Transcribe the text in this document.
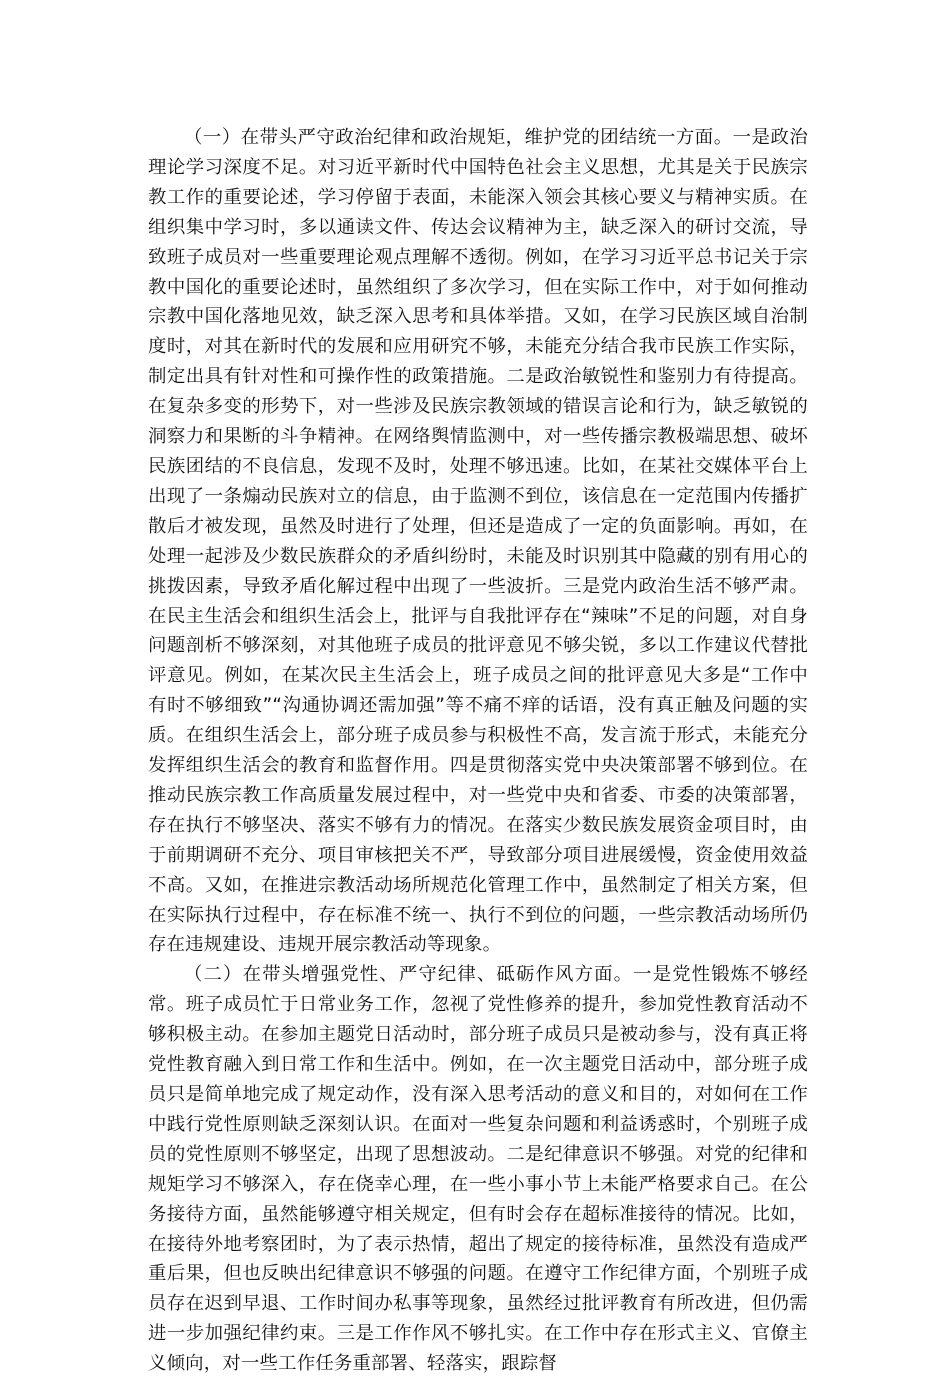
（一）在带头严守政治纪律和政治规矩，维护党的团结统一方面。一是政治理论学习深度不足。对习近平新时代中国特色社会主义思想，尤其是关于民族宗教工作的重要论述，学习停留于表面，未能深入领会其核心要义与精神实质。在组织集中学习时，多以通读文件、传达会议精神为主，缺乏深入的研讨交流，导致班子成员对一些重要理论观点理解不透彻。例如，在学习习近平总书记关于宗教中国化的重要论述时，虽然组织了多次学习，但在实际工作中，对于如何推动宗教中国化落地见效，缺乏深入思考和具体举措。又如，在学习民族区域自治制度时，对其在新时代的发展和应用研究不够，未能充分结合我市民族工作实际，制定出具有针对性和可操作性的政策措施。二是政治敏锐性和鉴别力有待提高。在复杂多变的形势下，对一些涉及民族宗教领域的错误言论和行为，缺乏敏锐的洞察力和果断的斗争精神。在网络舆情监测中，对一些传播宗教极端思想、破坏民族团结的不良信息，发现不及时，处理不够迅速。比如，在某社交媒体平台上出现了一条煽动民族对立的信息，由于监测不到位，该信息在一定范围内传播扩散后才被发现，虽然及时进行了处理，但还是造成了一定的负面影响。再如，在处理一起涉及少数民族群众的矛盾纠纷时，未能及时识别其中隐藏的别有用心的挑拨因素，导致矛盾化解过程中出现了一些波折。三是党内政治生活不够严肃。在民主生活会和组织生活会上，批评与自我批评存在“辣味”不足的问题，对自身问题剖析不够深刻，对其他班子成员的批评意见不够尖锐，多以工作建议代替批评意见。例如，在某次民主生活会上，班子成员之间的批评意见大多是“工作中有时不够细致”“沟通协调还需加强”等不痛不痒的话语，没有真正触及问题的实质。在组织生活会上，部分班子成员参与积极性不高，发言流于形式，未能充分发挥组织生活会的教育和监督作用。四是贯彻落实党中央决策部署不够到位。在推动民族宗教工作高质量发展过程中，对一些党中央和省委、市委的决策部署，存在执行不够坚决、落实不够有力的情况。在落实少数民族发展资金项目时，由于前期调研不充分、项目审核把关不严，导致部分项目进展缓慢，资金使用效益不高。又如，在推进宗教活动场所规范化管理工作中，虽然制定了相关方案，但在实际执行过程中，存在标准不统一、执行不到位的问题，一些宗教活动场所仍存在违规建设、违规开展宗教活动等现象。

（二）在带头增强党性、严守纪律、砥砺作风方面。一是党性锻炼不够经常。班子成员忙于日常业务工作，忽视了党性修养的提升，参加党性教育活动不够积极主动。在参加主题党日活动时，部分班子成员只是被动参与，没有真正将党性教育融入到日常工作和生活中。例如，在一次主题党日活动中，部分班子成员只是简单地完成了规定动作，没有深入思考活动的意义和目的，对如何在工作中践行党性原则缺乏深刻认识。在面对一些复杂问题和利益诱惑时，个别班子成员的党性原则不够坚定，出现了思想波动。二是纪律意识不够强。对党的纪律和规矩学习不够深入，存在侥幸心理，在一些小事小节上未能严格要求自己。在公务接待方面，虽然能够遵守相关规定，但有时会存在超标准接待的情况。比如，在接待外地考察团时，为了表示热情，超出了规定的接待标准，虽然没有造成严重后果，但也反映出纪律意识不够强的问题。在遵守工作纪律方面，个别班子成员存在迟到早退、工作时间办私事等现象，虽然经过批评教育有所改进，但仍需进一步加强纪律约束。三是工作作风不够扎实。在工作中存在形式主义、官僚主义倾向，对一些工作任务重部署、轻落实，跟踪督
